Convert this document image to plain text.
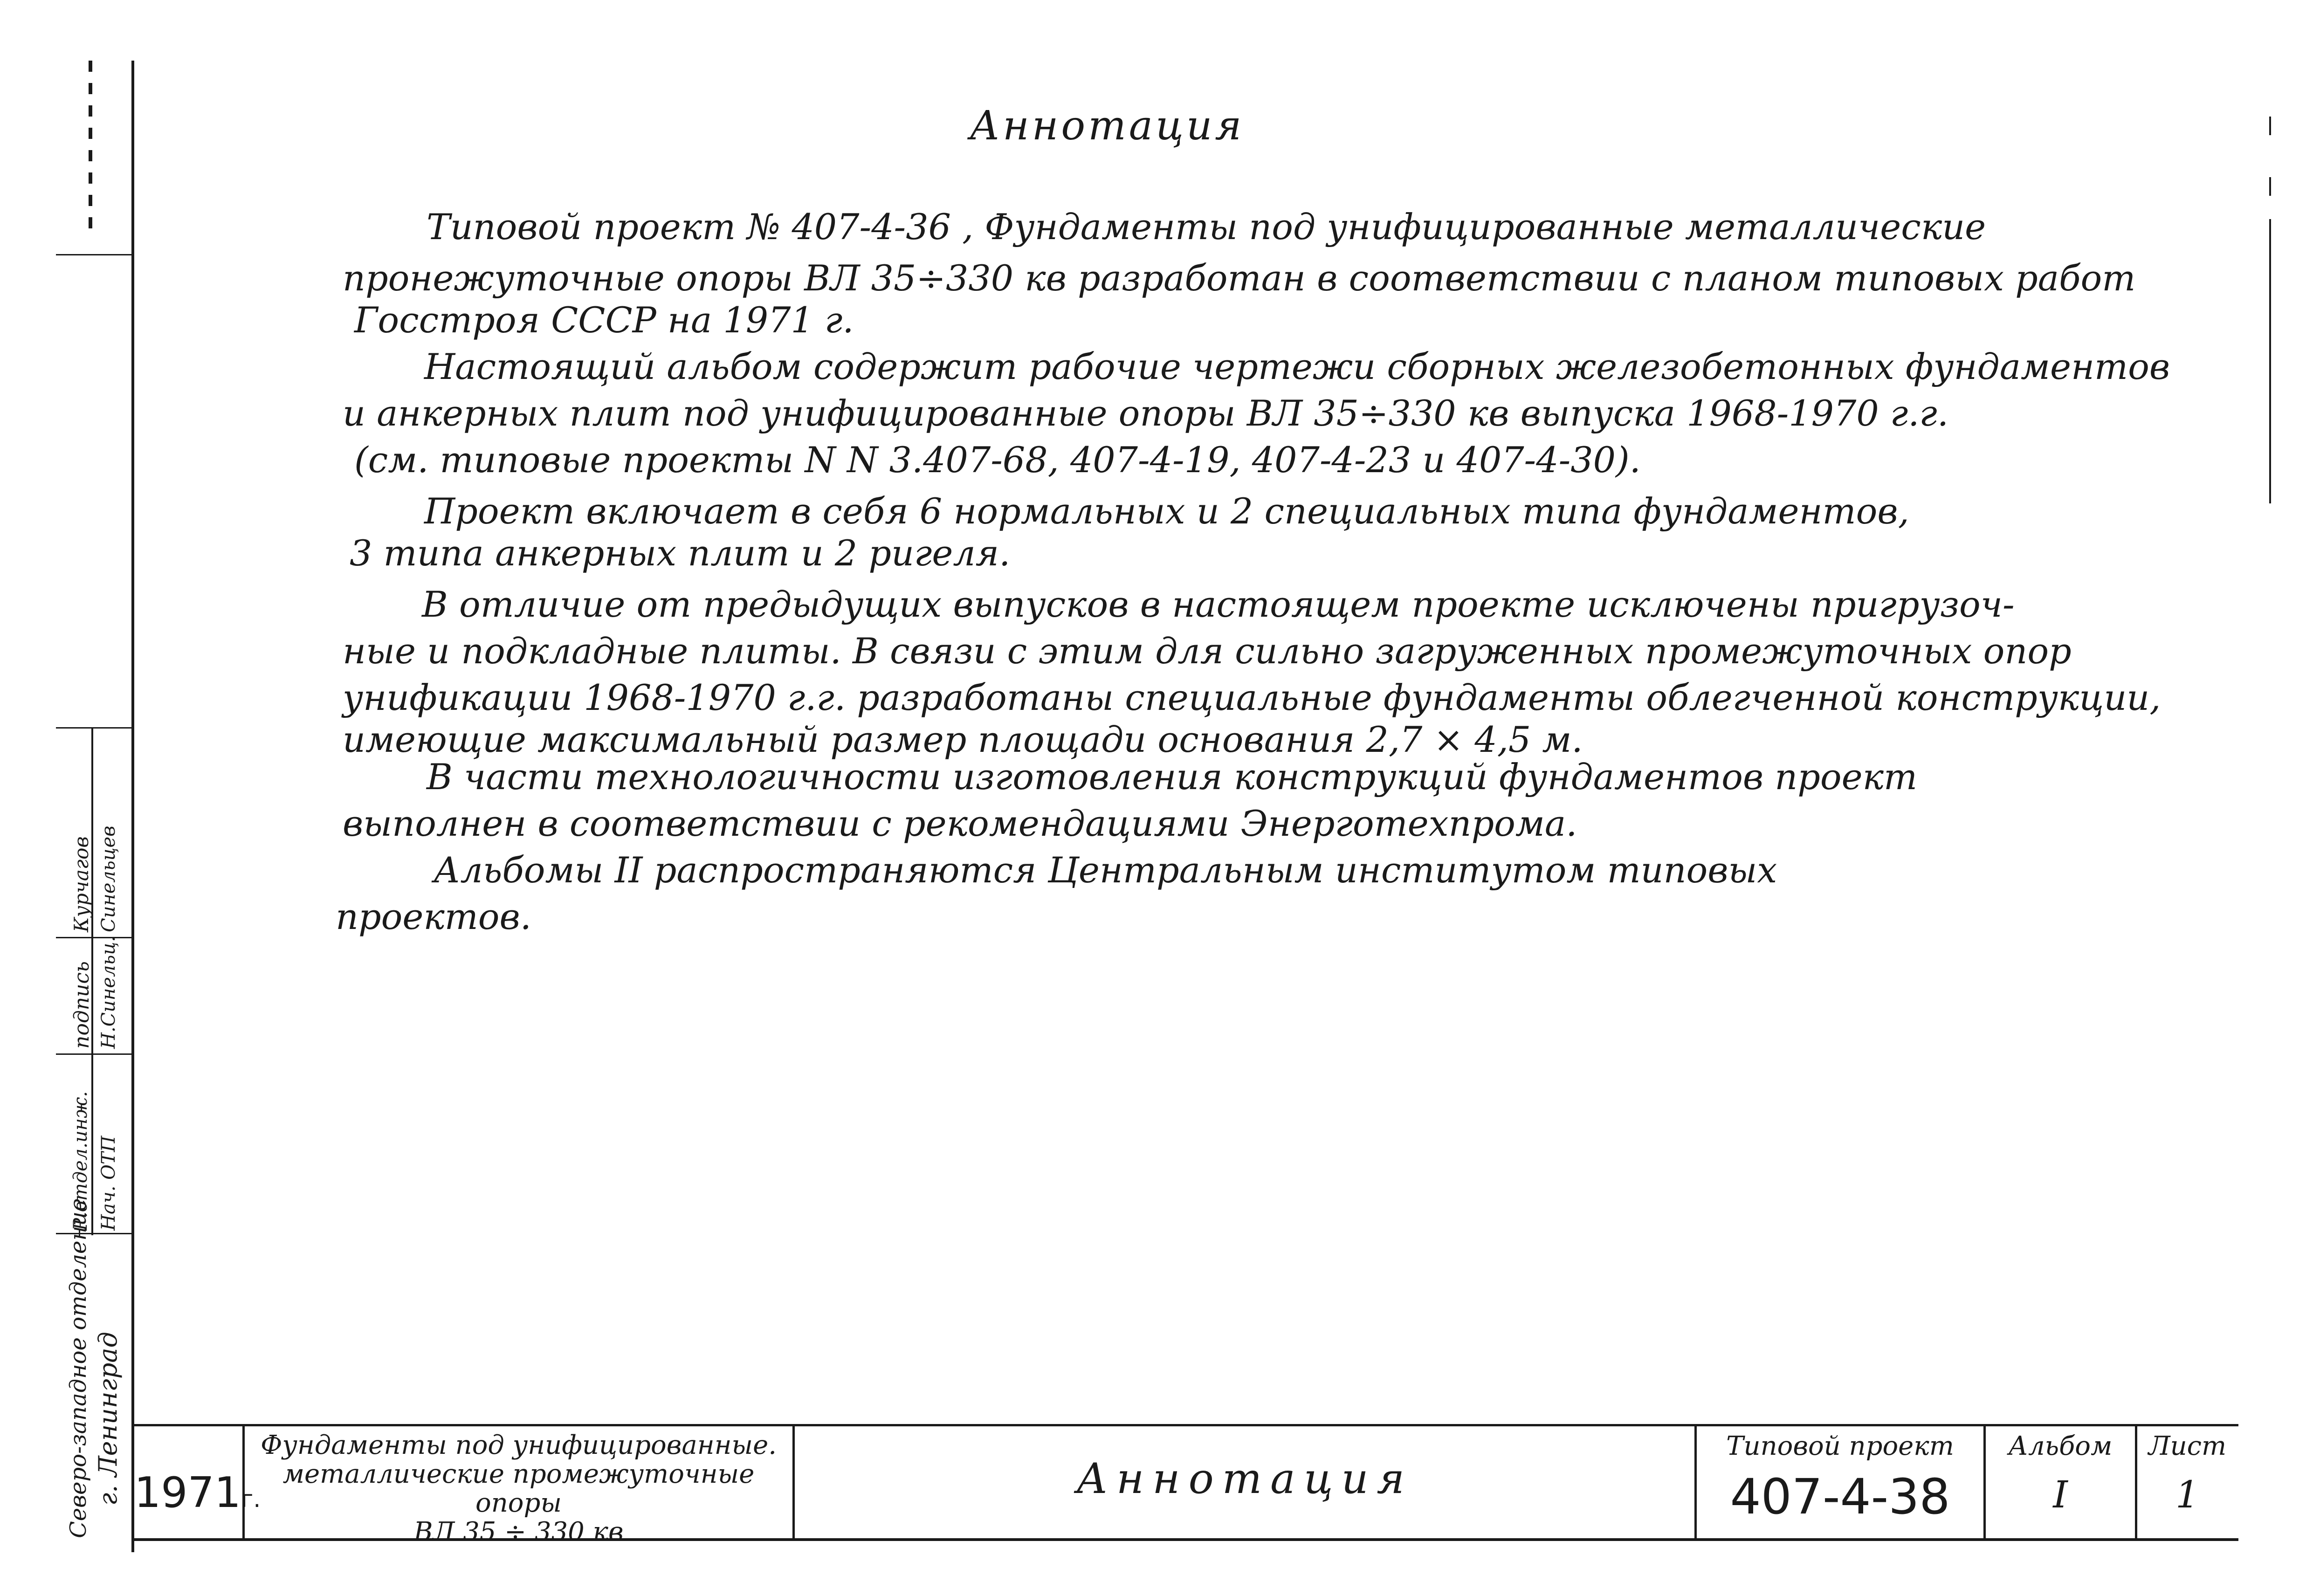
Северо-западное отделение г. Ленинград
Р.отдел.инж. Нач. ОТП
подпись Н.Синельц.
Курчагов Синельцев
Аннотация
Типовой проект № 407-4-36 , Фундаменты под унифицированные металлические
пронежуточные опоры ВЛ 35÷330 кв разработан в соответствии с планом типовых работ
Госстроя СССР на 1971 г.
Настоящий альбом содержит рабочие чертежи сборных железобетонных фундаментов
и анкерных плит под унифицированные опоры ВЛ 35÷330 кв выпуска 1968-1970 г.г.
(см. типовые проекты N N 3.407-68, 407-4-19, 407-4-23 и 407-4-30).
Проект включает в себя 6 нормальных и 2 специальных типа фундаментов,
3 типа анкерных плит и 2 ригеля.
В отличие от предыдущих выпусков в настоящем проекте исключены пригрузоч-
ные и подкладные плиты. В связи с этим для сильно загруженных промежуточных опор
унификации 1968-1970 г.г. разработаны специальные фундаменты облегченной конструкции,
имеющие максимальный размер площади основания 2,7 × 4,5 м.
В части технологичности изготовления конструкций фундаментов проект
выполнен в соответствии с рекомендациями Энерготехпрома.
Альбомы II распространяются Центральным институтом типовых
проектов.
1971г.
Фундаменты под унифицированные.
металлические промежуточные опоры
ВЛ 35 ÷ 330 кв
Аннотация
Типовой проект
407-4-38
Альбом
I
Лист
1
